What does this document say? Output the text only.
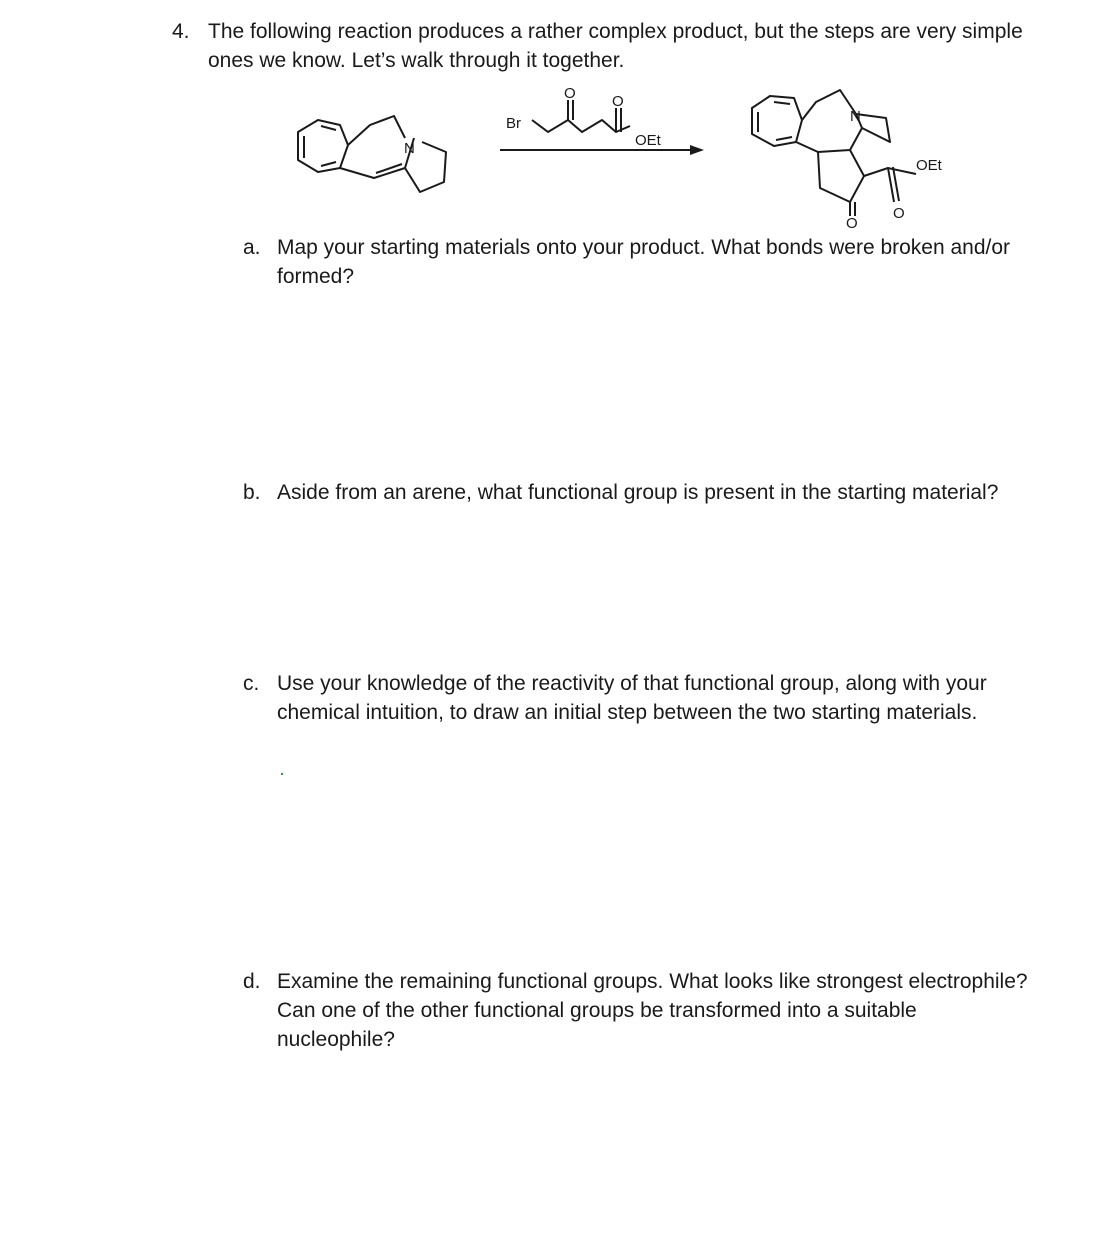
4. The following reaction produces a rather complex product, but the steps are very simple ones we know. Let’s walk through it together.
N
Br
O O
OEt
N
OEt
O
O
a. Map your starting materials onto your product. What bonds were broken and/or formed?
b. Aside from an arene, what functional group is present in the starting material?
c. Use your knowledge of the reactivity of that functional group, along with your chemical intuition, to draw an initial step between the two starting materials.
d. Examine the remaining functional groups. What looks like strongest electrophile? Can one of the other functional groups be transformed into a suitable nucleophile?
